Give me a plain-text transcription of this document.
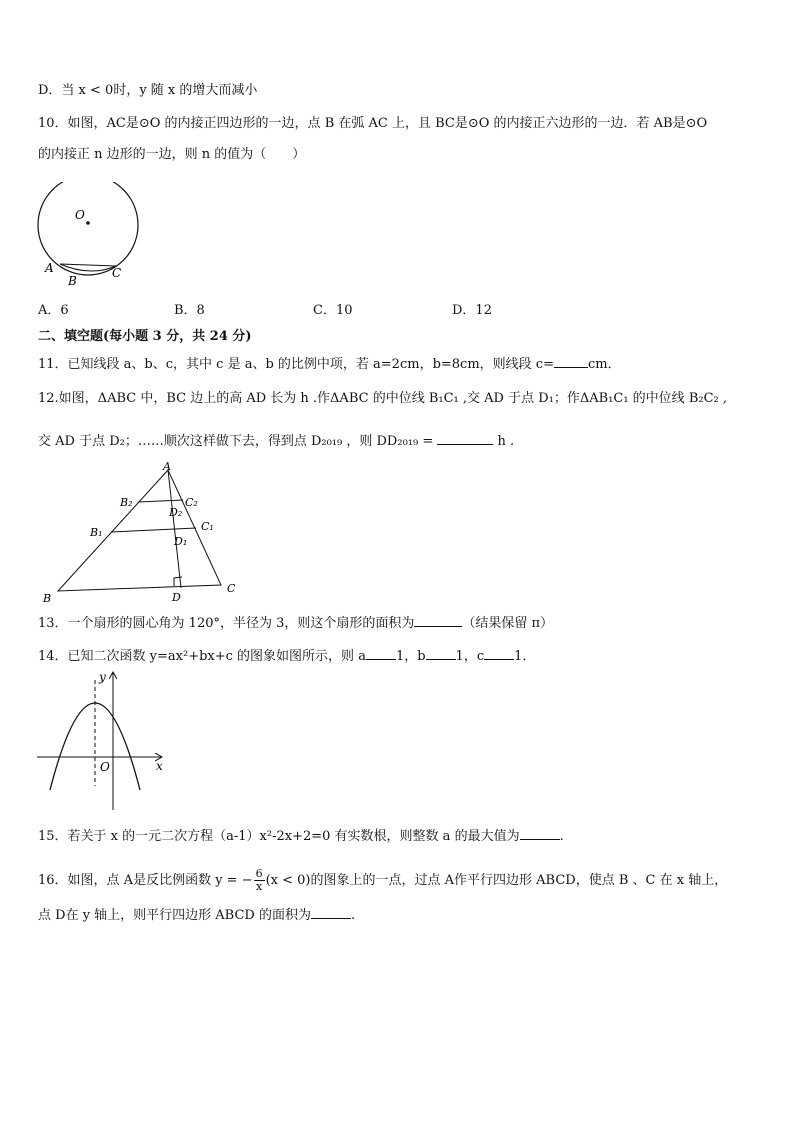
D．当 x < 0时，y 随 x 的增大而减小
10．如图，AC是⊙O 的内接正四边形的一边，点 B 在弧 AC 上，且 BC是⊙O 的内接正六边形的一边．若 AB是⊙O
的内接正 n 边形的一边，则 n 的值为（　　）
O
A
B
C
A．6	B．8	C．10	D．12
二、填空题(每小题 3 分，共 24 分)
11．已知线段 a、b、c，其中 c 是 a、b 的比例中项，若 a=2cm，b=8cm，则线段 c=	cm．
12.如图，ΔABC 中，BC 边上的高 AD 长为 h .作ΔABC 的中位线 B₁C₁ ,交 AD 于点 D₁；作ΔAB₁C₁ 的中位线 B₂C₂ ,
交 AD 于点 D₂；……顺次这样做下去，得到点 D₂₀₁₉ ，则 DD₂₀₁₉ =	h .
A
B
C
D
B₁	C₁
D₁
B₂	C₂
D₂
13．一个扇形的圆心角为 120°，半径为 3，则这个扇形的面积为	（结果保留 π）
14．已知二次函数 y=ax²+bx+c 的图象如图所示，则 a 1，b 1，c 1．
y
x
O
15．若关于 x 的一元二次方程（a-1）x²-2x+2=0 有实数根，则整数 a 的最大值为	.
16．如图，点 A是反比例函数 y = − $\frac{6}{x} (x < 0)$的图象上的一点，过点 A作平行四边形 ABCD，使点 B 、C 在 x 轴上，
点 D在 y 轴上，则平行四边形 ABCD 的面积为	.
